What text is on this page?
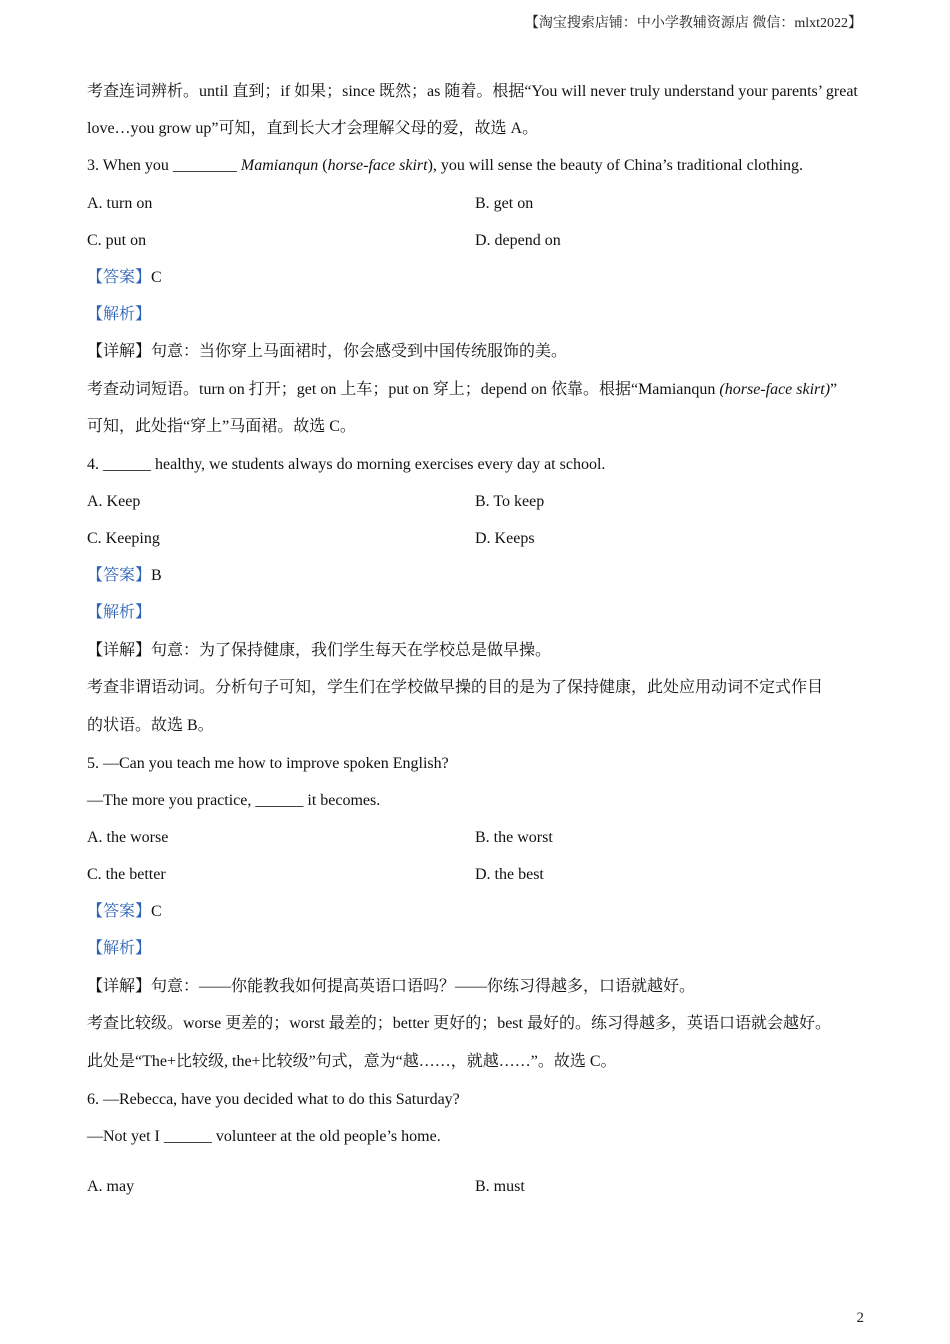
【淘宝搜索店铺：中小学教辅资源店 微信：mlxt2022】
考查连词辨析。until 直到；if 如果；since 既然；as 随着。根据“You will never truly understand your parents’ great
love…you grow up”可知，直到长大才会理解父母的爱，故选 A。
3. When you ________ Mamianqun (horse-face skirt), you will sense the beauty of China’s traditional clothing.
A. turn on	B. get on
C. put on	D. depend on
【答案】C
【解析】
【详解】句意：当你穿上马面裙时，你会感受到中国传统服饰的美。
考查动词短语。turn on 打开；get on 上车；put on 穿上；depend on 依靠。根据“Mamianqun (horse-face skirt)”
可知，此处指“穿上”马面裙。故选 C。
4. ______ healthy, we students always do morning exercises every day at school.
A. Keep	B. To keep
C. Keeping	D. Keeps
【答案】B
【解析】
【详解】句意：为了保持健康，我们学生每天在学校总是做早操。
考查非谓语动词。分析句子可知，学生们在学校做早操的目的是为了保持健康，此处应用动词不定式作目
的状语。故选 B。
5. —Can you teach me how to improve spoken English?
—The more you practice, ______ it becomes.
A. the worse	B. the worst
C. the better	D. the best
【答案】C
【解析】
【详解】句意：——你能教我如何提高英语口语吗？——你练习得越多，口语就越好。
考查比较级。worse 更差的；worst 最差的；better 更好的；best 最好的。练习得越多，英语口语就会越好。
此处是“The+比较级, the+比较级”句式，意为“越……，就越……”。故选 C。
6. —Rebecca, have you decided what to do this Saturday?
—Not yet I ______ volunteer at the old people’s home.
A. may	B. must
2
